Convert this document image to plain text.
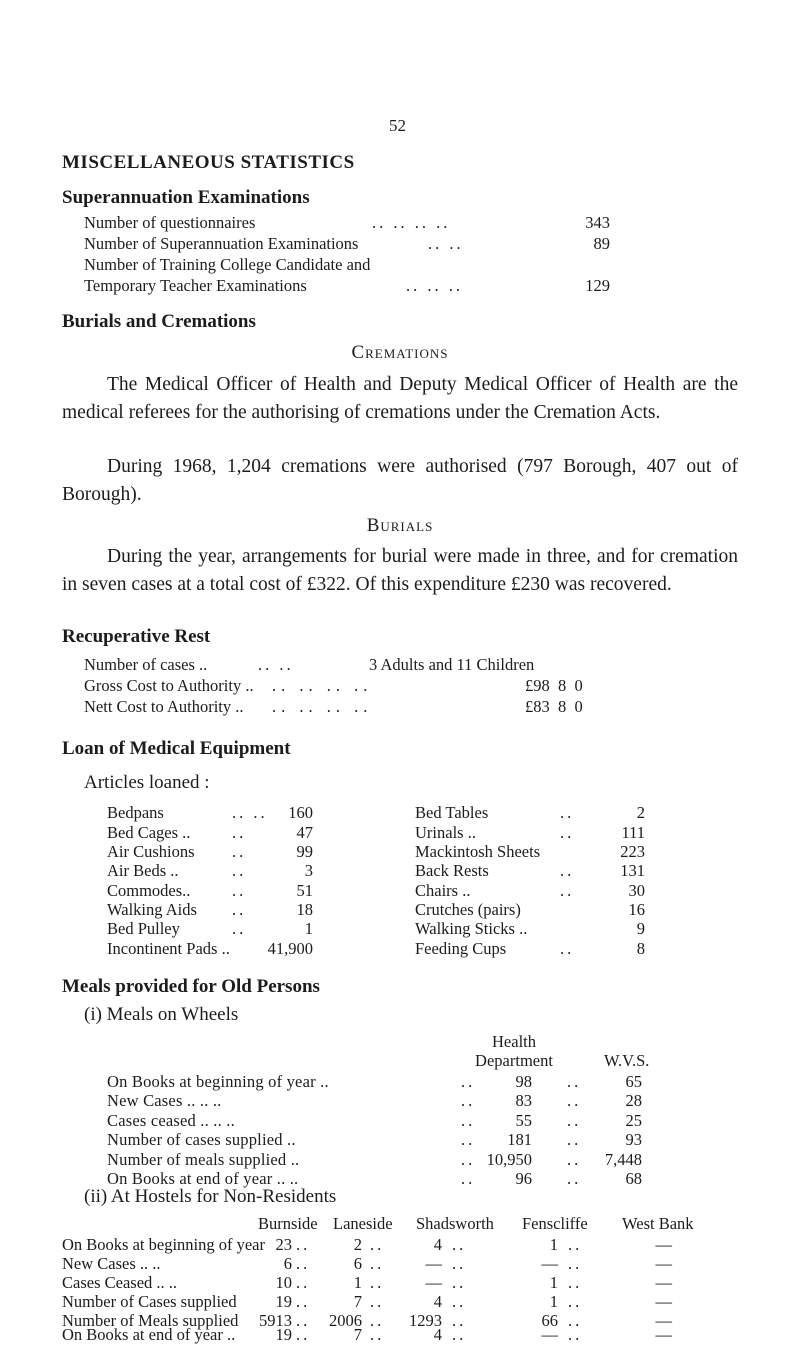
52
MISCELLANEOUS STATISTICS
Superannuation Examinations
Number of questionnaires	.. .. .. ..	343
Number of Superannuation Examinations	.. ..	89
Number of Training College Candidate and
Temporary Teacher Examinations	.. .. ..	129
Burials and Cremations
Cremations
The Medical Officer of Health and Deputy Medical Officer of Health are the medical referees for the authorising of cremations under the Cremation Acts.
During 1968, 1,204 cremations were authorised (797 Borough, 407 out of Borough).
Burials
During the year, arrangements for burial were made in three, and for cremation in seven cases at a total cost of £322. Of this expenditure £230 was recovered.
Recuperative Rest
Number of cases ..	.. ..	3 Adults and 11 Children
Gross Cost to Authority .. .. .. .. ..	£98  8  0
Nett Cost to Authority .. .. .. .. ..	£83  8  0
Loan of Medical Equipment
Articles loaned :
Bedpans	.. ..	160
Bed Cages ..	..	47
Air Cushions ..	99
Air Beds ..	..	3
Commodes..	..	51
Walking Aids ..	18
Bed Pulley	..	1
Incontinent Pads ..	41,900
Bed Tables	..	2
Urinals ..	..	111
Mackintosh Sheets	223
Back Rests	..	131
Chairs ..	..	30
Crutches (pairs)	16
Walking Sticks ..	9
Feeding Cups	..	8
Meals provided for Old Persons
(i) Meals on Wheels
Health
Department	W.V.S.
On Books at beginning of year ..	..	98 ..	65
New Cases .. .. ..	..	83 ..	28
Cases ceased .. .. ..	..	55 ..	25
Number of cases supplied ..	..	181 ..	93
Number of meals supplied ..	.. 10,950 ..	7,448
On Books at end of year .. ..	..	96 ..	68
(ii) At Hostels for Non-Residents
Burnside Laneside Shadsworth Fenscliffe West Bank
On Books at beginning of year 23	2	4	1	—
New Cases .. ..	6	6	—	—	—
Cases Ceased .. ..	10	1	—	1	—
Number of Cases supplied	19	7	4	1	—
Number of Meals supplied	5913	2006	1293	66	—
On Books at end of year ..	19	7	4	—	—
..	..	..	..
..	..	..	..
..	..	..	..
..	..	..	..
..	..	..	..
..	..	..	..
